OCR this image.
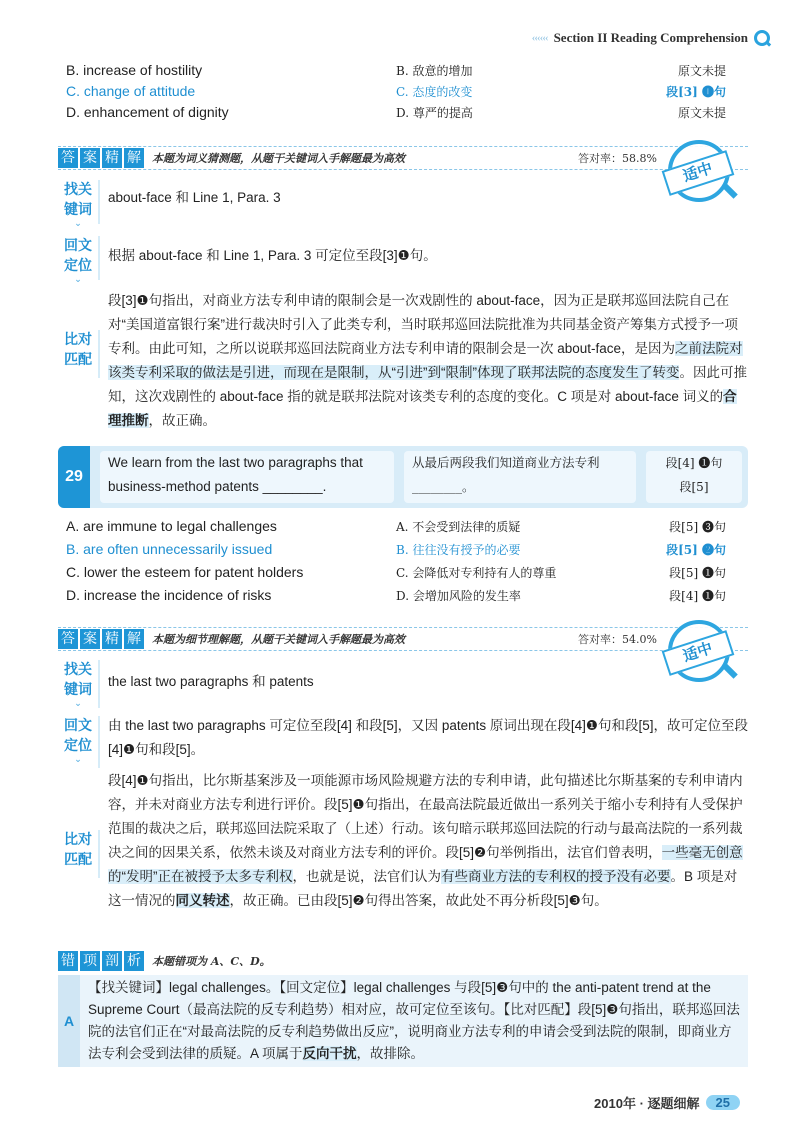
‹‹‹‹‹‹ Section II Reading Comprehension
B. increase of hostility	B. 敌意的增加	原文未提
C. change of attitude	C. 态度的改变	段[3] ❶句
D. enhancement of dignity	D. 尊严的提高	原文未提
答 案 精 解 本题为词义猜测题，从题干关键词入手解题最为高效	答对率：58.8%
适中
找关键词
⌄
about-face 和 Line 1, Para. 3
回文定位
⌄
根据 about-face 和 Line 1, Para. 3 可定位至段[3]❶句。
比对匹配
段[3]❶句指出，对商业方法专利申请的限制会是一次戏剧性的 about-face，因为正是联邦巡回法院自己在对“美国道富银行案”进行裁决时引入了此类专利，当时联邦巡回法院批准为共同基金资产筹集方式授予一项专利。由此可知，之所以说联邦巡回法院商业方法专利申请的限制会是一次 about-face，是因为之前法院对该类专利采取的做法是引进，而现在是限制，从“引进”到“限制”体现了联邦法院的态度发生了转变。因此可推知，这次戏剧性的 about-face 指的就是联邦法院对该类专利的态度的变化。C 项是对 about-face 词义的合理推断，故正确。
29
We learn from the last two paragraphs that business-method patents ________.
从最后两段我们知道商业方法专利________。
段[4] ❶句
段[5]
A. are immune to legal challenges	A. 不会受到法律的质疑	段[5] ❸句
B. are often unnecessarily issued	B. 往往没有授予的必要	段[5] ❷句
C. lower the esteem for patent holders	C. 会降低对专利持有人的尊重	段[5] ❶句
D. increase the incidence of risks	D. 会增加风险的发生率	段[4] ❶句
答 案 精 解 本题为细节理解题，从题干关键词入手解题最为高效	答对率：54.0%	适中
找关键词
⌄
the last two paragraphs 和 patents
回文定位
⌄
由 the last two paragraphs 可定位至段[4] 和段[5]，又因 patents 原词出现在段[4]❶句和段[5]，故可定位至段[4]❶句和段[5]。
比对匹配
段[4]❶句指出，比尔斯基案涉及一项能源市场风险规避方法的专利申请，此句描述比尔斯基案的专利申请内容，并未对商业方法专利进行评价。段[5]❶句指出，在最高法院最近做出一系列关于缩小专利持有人受保护范围的裁决之后，联邦巡回法院采取了（上述）行动。该句暗示联邦巡回法院的行动与最高法院的一系列裁决之间的因果关系，依然未谈及对商业方法专利的评价。段[5]❷句举例指出，法官们曾表明，一些毫无创意的“发明”正在被授予太多专利权，也就是说，法官们认为有些商业方法的专利权的授予没有必要。B 项是对这一情况的同义转述，故正确。已由段[5]❷句得出答案，故此处不再分析段[5]❸句。
错 项 剖 析 本题错项为 A、C、D。
A
【找关键词】legal challenges。【回文定位】legal challenges 与段[5]❸句中的 the anti-patent trend at the Supreme Court（最高法院的反专利趋势）相对应，故可定位至该句。【比对匹配】段[5]❸句指出，联邦巡回法院的法官们正在“对最高法院的反专利趋势做出反应”，说明商业方法专利的申请会受到法院的限制，即商业方法专利会受到法律的质疑。A 项属于反向干扰，故排除。
2010年 · 逐题细解	25
